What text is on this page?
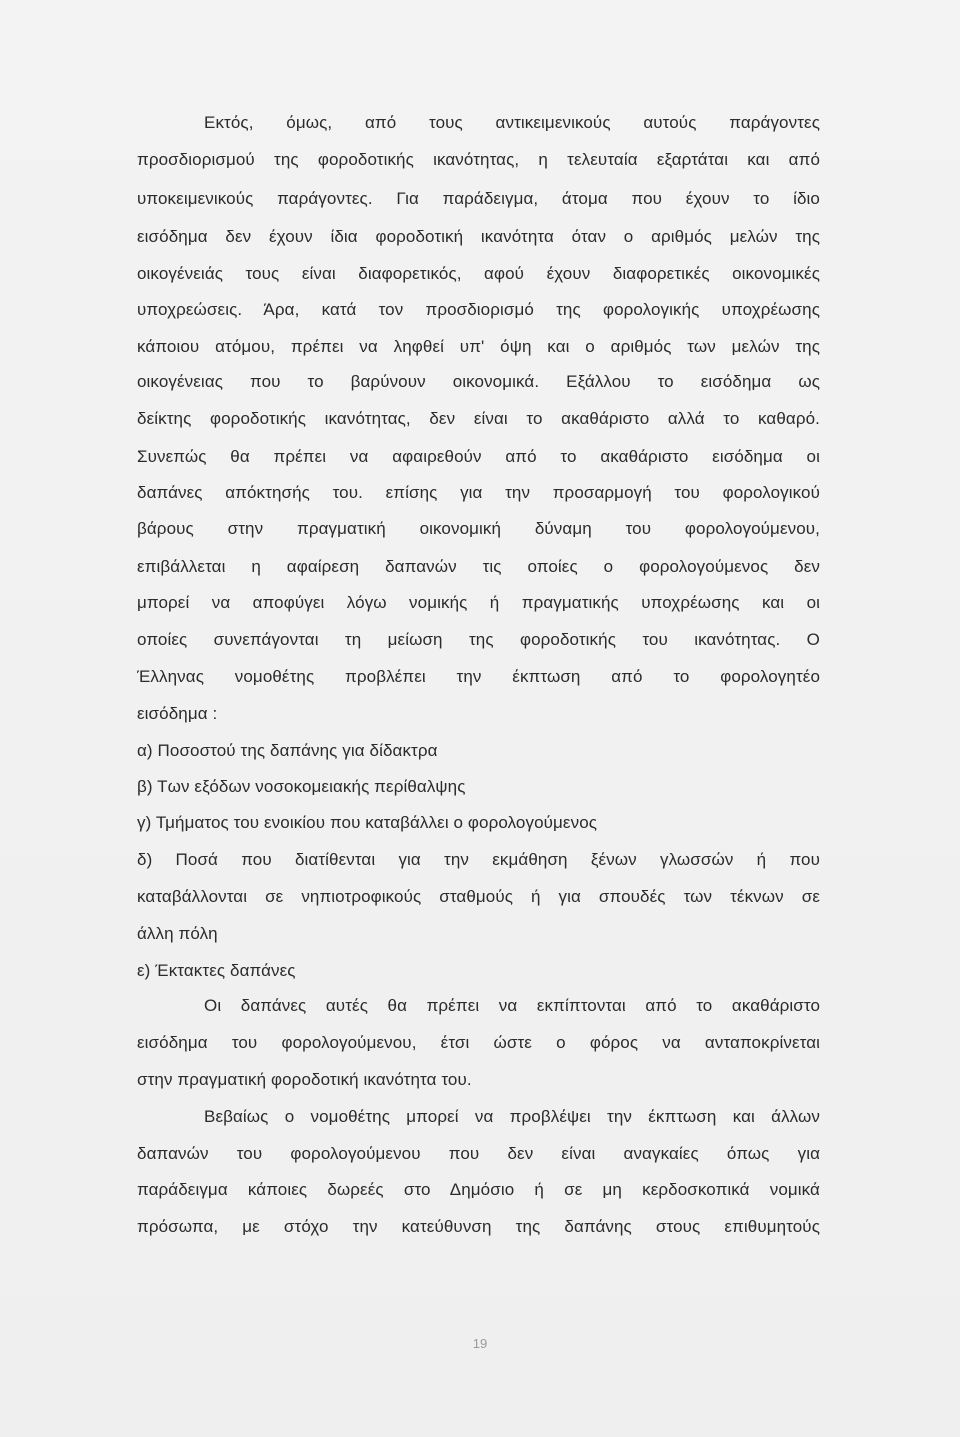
Εκτός, όμως, από τους αντικειμενικούς αυτούς παράγοντες
προσδιορισμού της φοροδοτικής ικανότητας, η τελευταία εξαρτάται και από
υποκειμενικούς παράγοντες. Για παράδειγμα, άτομα που έχουν το ίδιο
εισόδημα δεν έχουν ίδια φοροδοτική ικανότητα όταν ο αριθμός μελών της
οικογένειάς τους είναι διαφορετικός, αφού έχουν διαφορετικές οικονομικές
υποχρεώσεις. Άρα, κατά τον προσδιορισμό της φορολογικής υποχρέωσης
κάποιου ατόμου, πρέπει να ληφθεί υπ' όψη και ο αριθμός των μελών της
οικογένειας που το βαρύνουν οικονομικά. Εξάλλου το εισόδημα ως
δείκτης φοροδοτικής ικανότητας, δεν είναι το ακαθάριστο αλλά το καθαρό.
Συνεπώς θα πρέπει να αφαιρεθούν από το ακαθάριστο εισόδημα οι
δαπάνες απόκτησής του. επίσης για την προσαρμογή του φορολογικού
βάρους στην πραγματική οικονομική δύναμη του φορολογούμενου,
επιβάλλεται η αφαίρεση δαπανών τις οποίες ο φορολογούμενος δεν
μπορεί να αποφύγει λόγω νομικής ή πραγματικής υποχρέωσης και οι
οποίες συνεπάγονται τη μείωση της φοροδοτικής του ικανότητας. Ο
Έλληνας νομοθέτης προβλέπει την έκπτωση από το φορολογητέο
εισόδημα :
α) Ποσοστού της δαπάνης για δίδακτρα
β) Των εξόδων νοσοκομειακής περίθαλψης
γ) Τμήματος του ενοικίου που καταβάλλει ο φορολογούμενος
δ) Ποσά που διατίθενται για την εκμάθηση ξένων γλωσσών ή που
καταβάλλονται σε νηπιοτροφικούς σταθμούς ή για σπουδές των τέκνων σε
άλλη πόλη
ε) Έκτακτες δαπάνες
Οι δαπάνες αυτές θα πρέπει να εκπίπτονται από το ακαθάριστο
εισόδημα του φορολογούμενου, έτσι ώστε ο φόρος να ανταποκρίνεται
στην πραγματική φοροδοτική ικανότητα του.
Βεβαίως ο νομοθέτης μπορεί να προβλέψει την έκπτωση και άλλων
δαπανών του φορολογούμενου που δεν είναι αναγκαίες όπως για
παράδειγμα κάποιες δωρεές στο Δημόσιο ή σε μη κερδοσκοπικά νομικά
πρόσωπα, με στόχο την κατεύθυνση της δαπάνης στους επιθυμητούς
19
